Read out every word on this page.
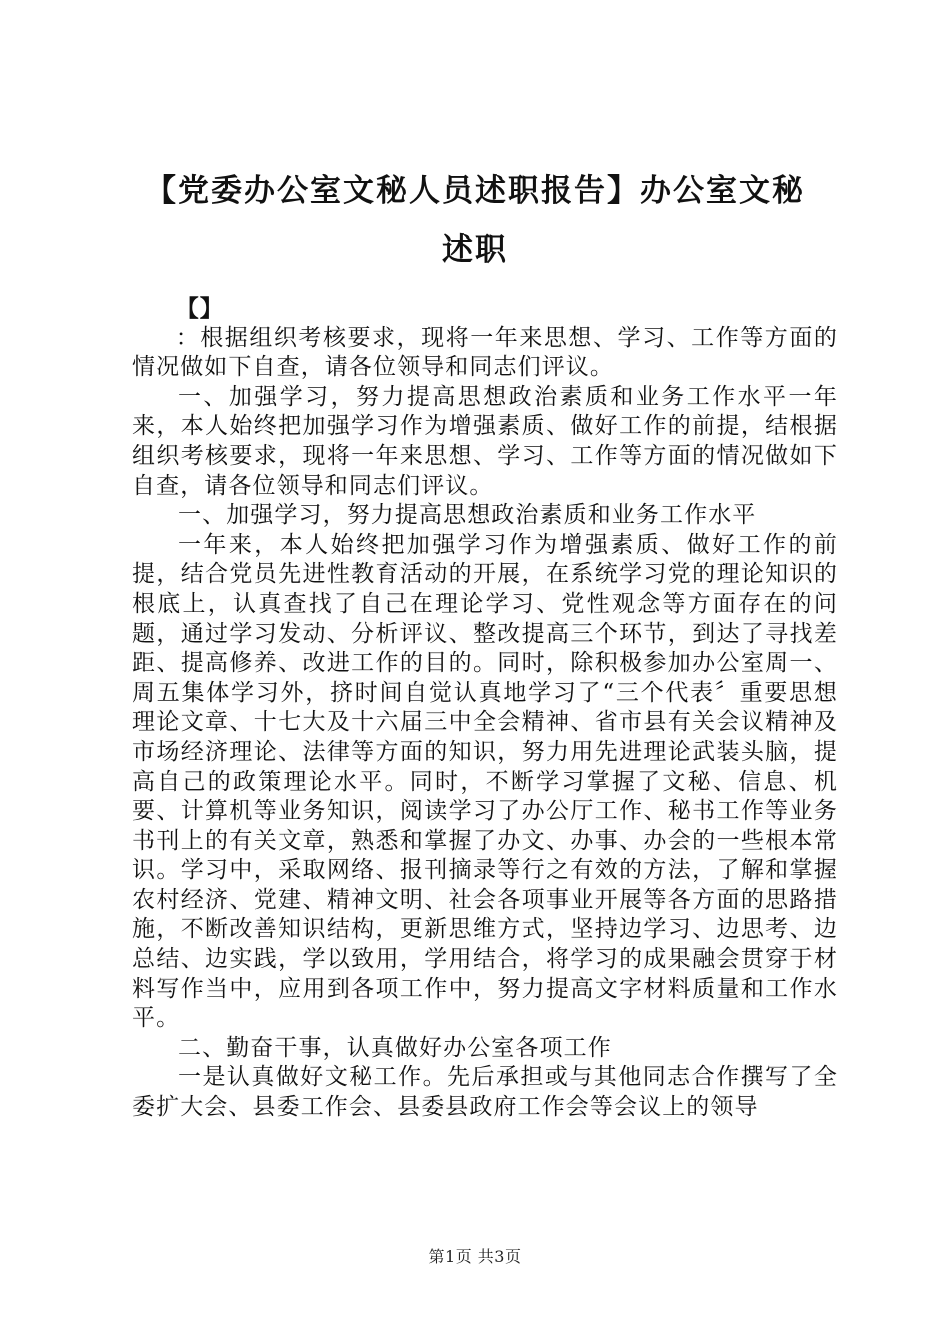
【党委办公室文秘人员述职报告】办公室文秘
述职

【】

：根据组织考核要求，现将一年来思想、学习、工作等方面的情况做如下自查，请各位领导和同志们评议。

一、加强学习，努力提高思想政治素质和业务工作水平一年来，本人始终把加强学习作为增强素质、做好工作的前提，结根据组织考核要求，现将一年来思想、学习、工作等方面的情况做如下自查，请各位领导和同志们评议。

一、加强学习，努力提高思想政治素质和业务工作水平

一年来，本人始终把加强学习作为增强素质、做好工作的前提，结合党员先进性教育活动的开展，在系统学习党的理论知识的根底上，认真查找了自己在理论学习、党性观念等方面存在的问题，通过学习发动、分析评议、整改提高三个环节，到达了寻找差距、提高修养、改进工作的目的。同时，除积极参加办公室周一、周五集体学习外，挤时间自觉认真地学习了“三个代表〞重要思想理论文章、十七大及十六届三中全会精神、省市县有关会议精神及市场经济理论、法律等方面的知识，努力用先进理论武装头脑，提高自己的政策理论水平。同时，不断学习掌握了文秘、信息、机要、计算机等业务知识，阅读学习了办公厅工作、秘书工作等业务书刊上的有关文章，熟悉和掌握了办文、办事、办会的一些根本常识。学习中，采取网络、报刊摘录等行之有效的方法，了解和掌握农村经济、党建、精神文明、社会各项事业开展等各方面的思路措施，不断改善知识结构，更新思维方式，坚持边学习、边思考、边总结、边实践，学以致用，学用结合，将学习的成果融会贯穿于材料写作当中，应用到各项工作中，努力提高文字材料质量和工作水平。

二、勤奋干事，认真做好办公室各项工作

一是认真做好文秘工作。先后承担或与其他同志合作撰写了全委扩大会、县委工作会、县委县政府工作会等会议上的领导

第1页 共3页
